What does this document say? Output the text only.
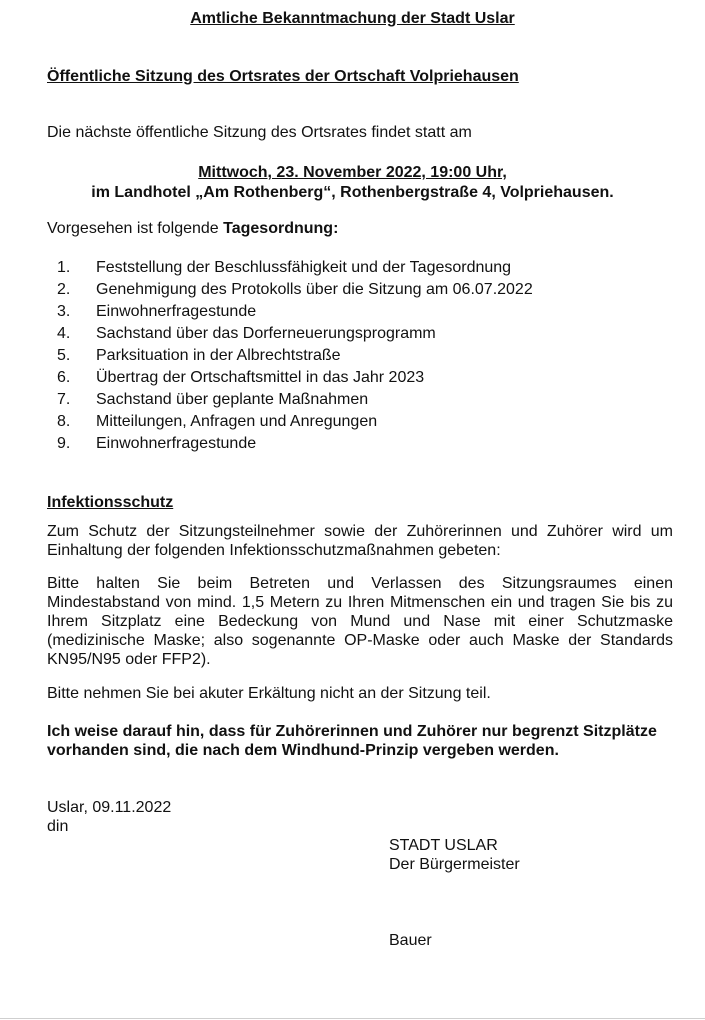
Amtliche Bekanntmachung der Stadt Uslar
Öffentliche Sitzung des Ortsrates der Ortschaft Volpriehausen
Die nächste öffentliche Sitzung des Ortsrates findet statt am
Mittwoch, 23. November 2022, 19:00 Uhr,
im Landhotel „Am Rothenberg“, Rothenbergstraße 4, Volpriehausen.
Vorgesehen ist folgende Tagesordnung:
1.	Feststellung der Beschlussfähigkeit und der Tagesordnung
2.	Genehmigung des Protokolls über die Sitzung am 06.07.2022
3.	Einwohnerfragestunde
4.	Sachstand über das Dorferneuerungsprogramm
5.	Parksituation in der Albrechtstraße
6.	Übertrag der Ortschaftsmittel in das Jahr 2023
7.	Sachstand über geplante Maßnahmen
8.	Mitteilungen, Anfragen und Anregungen
9.	Einwohnerfragestunde
Infektionsschutz
Zum Schutz der Sitzungsteilnehmer sowie der Zuhörerinnen und Zuhörer wird um Einhaltung der folgenden Infektionsschutzmaßnahmen gebeten:
Bitte halten Sie beim Betreten und Verlassen des Sitzungsraumes einen Mindestabstand von mind. 1,5 Metern zu Ihren Mitmenschen ein und tragen Sie bis zu Ihrem Sitzplatz eine Bedeckung von Mund und Nase mit einer Schutzmaske (medizinische Maske; also sogenannte OP-Maske oder auch Maske der Standards KN95/N95 oder FFP2).
Bitte nehmen Sie bei akuter Erkältung nicht an der Sitzung teil.
Ich weise darauf hin, dass für Zuhörerinnen und Zuhörer nur begrenzt Sitzplätze vorhanden sind, die nach dem Windhund-Prinzip vergeben werden.
Uslar, 09.11.2022
din
STADT USLAR
Der Bürgermeister
Bauer
